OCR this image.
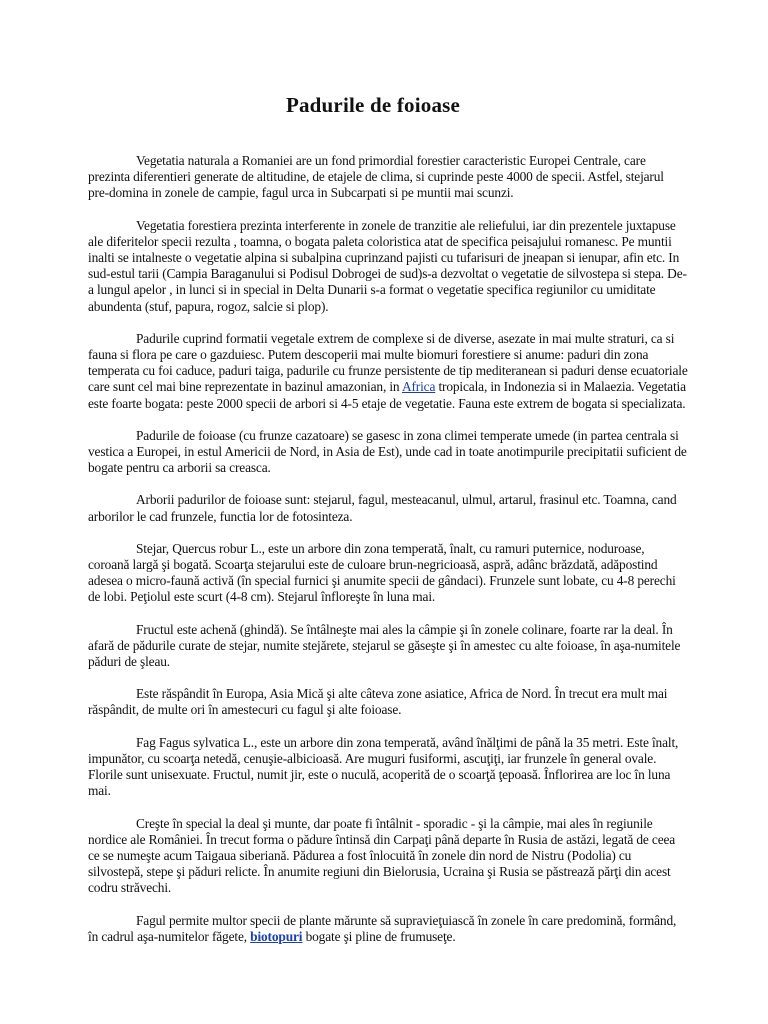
Padurile de foioase

Vegetatia naturala a Romaniei are un fond primordial forestier caracteristic Europei Centrale, care prezinta diferentieri generate de altitudine, de etajele de clima, si cuprinde peste 4000 de specii. Astfel, stejarul pre-domina in zonele de campie, fagul urca in Subcarpati si pe muntii mai scunzi.

Vegetatia forestiera prezinta interferente in zonele de tranzitie ale reliefului, iar din prezentele juxtapuse ale diferitelor specii rezulta , toamna, o bogata paleta coloristica atat de specifica peisajului romanesc. Pe muntii inalti se intalneste o vegetatie alpina si subalpina cuprinzand pajisti cu tufarisuri de jneapan si ienupar, afin etc. In sud-estul tarii (Campia Baraganului si Podisul Dobrogei de sud)s-a dezvoltat o vegetatie de silvostepa si stepa. De-a lungul apelor , in lunci si in special in Delta Dunarii s-a format o vegetatie specifica regiunilor cu umiditate abundenta (stuf, papura, rogoz, salcie si plop).

Padurile cuprind formatii vegetale extrem de complexe si de diverse, asezate in mai multe straturi, ca si fauna si flora pe care o gazduiesc. Putem descoperii mai multe biomuri forestiere si anume: paduri din zona temperata cu foi caduce, paduri taiga, padurile cu frunze persistente de tip mediteranean si paduri dense ecuatoriale care sunt cel mai bine reprezentate in bazinul amazonian, in Africa tropicala, in Indonezia si in Malaezia. Vegetatia este foarte bogata: peste 2000 specii de arbori si 4-5 etaje de vegetatie. Fauna este extrem de bogata si specializata.

Padurile de foioase (cu frunze cazatoare) se gasesc in zona climei temperate umede (in partea centrala si vestica a Europei, in estul Americii de Nord, in Asia de Est), unde cad in toate anotimpurile precipitatii suficient de bogate pentru ca arborii sa creasca.

Arborii padurilor de foioase sunt: stejarul, fagul, mesteacanul, ulmul, artarul, frasinul etc. Toamna, cand arborilor le cad frunzele, functia lor de fotosinteza.

Stejar, Quercus robur L., este un arbore din zona temperată, înalt, cu ramuri puternice, noduroase, coroană largă şi bogată. Scoarţa stejarului este de culoare brun-negricioasă, aspră, adânc brăzdată, adăpostind adesea o micro-faună activă (în special furnici şi anumite specii de gândaci). Frunzele sunt lobate, cu 4-8 perechi de lobi. Peţiolul este scurt (4-8 cm). Stejarul înfloreşte în luna mai.

Fructul este achenă (ghindă). Se întâlneşte mai ales la câmpie şi în zonele colinare, foarte rar la deal. În afară de pădurile curate de stejar, numite stejărete, stejarul se găseşte şi în amestec cu alte foioase, în aşa-numitele păduri de şleau.

Este răspândit în Europa, Asia Mică şi alte câteva zone asiatice, Africa de Nord. În trecut era mult mai răspândit, de multe ori în amestecuri cu fagul şi alte foioase.

Fag Fagus sylvatica L., este un arbore din zona temperată, având înălţimi de până la 35 metri. Este înalt, impunător, cu scoarţa netedă, cenuşie-albicioasă. Are muguri fusiformi, ascuţiţi, iar frunzele în general ovale. Florile sunt unisexuate. Fructul, numit jir, este o nuculă, acoperită de o scoarţă ţepoasă. Înflorirea are loc în luna mai.

Creşte în special la deal şi munte, dar poate fi întâlnit - sporadic - şi la câmpie, mai ales în regiunile nordice ale României. În trecut forma o pădure întinsă din Carpaţi până departe în Rusia de astăzi, legată de ceea ce se numeşte acum Taigaua siberiană. Pădurea a fost înlocuită în zonele din nord de Nistru (Podolia) cu silvostepă, stepe şi păduri relicte. În anumite regiuni din Bielorusia, Ucraina şi Rusia se păstrează părţi din acest codru străvechi.

Fagul permite multor specii de plante mărunte să supravieţuiască în zonele în care predomină, formând, în cadrul aşa-numitelor făgete, biotopuri bogate şi pline de frumuseţe.
